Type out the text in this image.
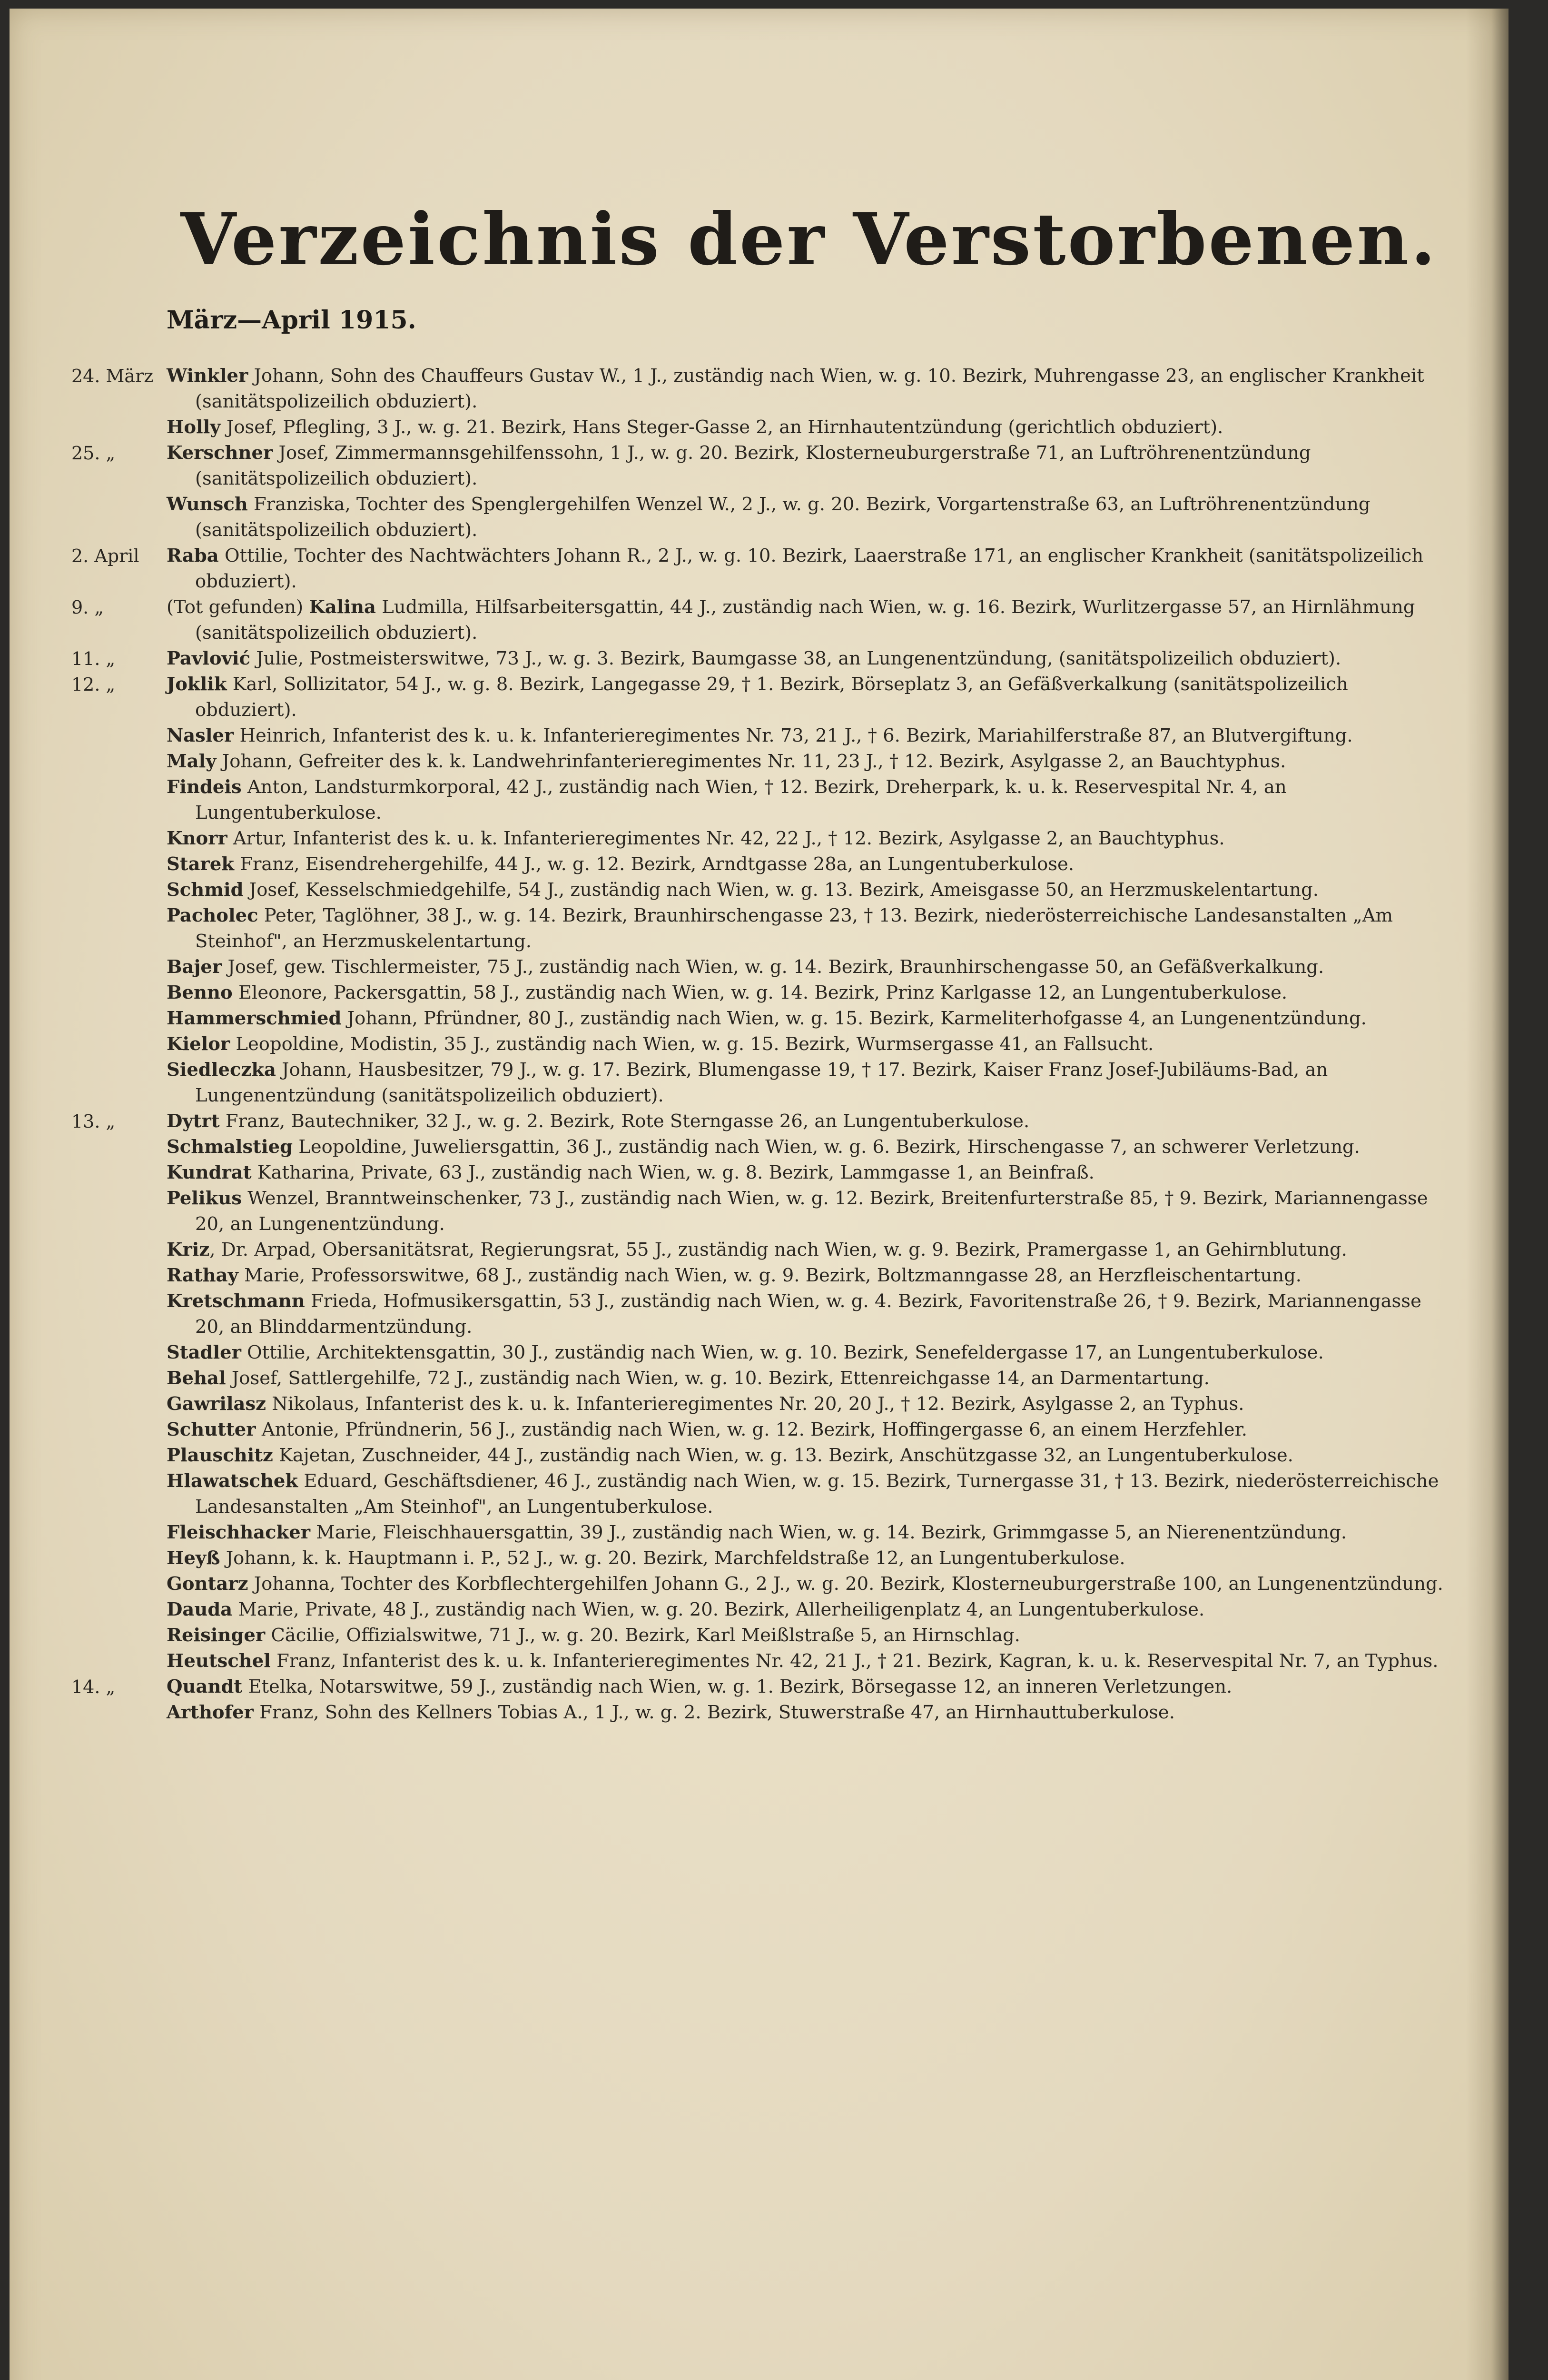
Verzeichnis der Verstorbenen.
März—April 1915.
24. März Winkler Johann, Sohn des Chauffeurs Gustav W., 1 J., zuständig nach Wien, w. g. 10. Bezirk, Muhrengasse 23, an englischer Krankheit (sanitätspolizeilich obduziert).
Holly Josef, Pflegling, 3 J., w. g. 21. Bezirk, Hans Steger-Gasse 2, an Hirnhautentzündung (gerichtlich obduziert).
25. „	Kerschner Josef, Zimmermannsgehilfenssohn, 1 J., w. g. 20. Bezirk, Klosterneuburgerstraße 71, an Luftröhrenentzündung (sanitätspolizeilich obduziert).
Wunsch Franziska, Tochter des Spenglergehilfen Wenzel W., 2 J., w. g. 20. Bezirk, Vorgartenstraße 63, an Luftröhrenentzündung (sanitätspolizeilich obduziert).
2. April	Raba Ottilie, Tochter des Nachtwächters Johann R., 2 J., w. g. 10. Bezirk, Laaerstraße 171, an englischer Krankheit (sanitätspolizeilich obduziert).
9. „	(Tot gefunden) Kalina Ludmilla, Hilfsarbeitersgattin, 44 J., zuständig nach Wien, w. g. 16. Bezirk, Wurlitzergasse 57, an Hirnlähmung (sanitätspolizeilich obduziert).
11. „	Pavlović Julie, Postmeisterswitwe, 73 J., w. g. 3. Bezirk, Baumgasse 38, an Lungenentzündung, (sanitätspolizeilich obduziert).
12. „	Joklik Karl, Sollizitator, 54 J., w. g. 8. Bezirk, Langegasse 29, † 1. Bezirk, Börseplatz 3, an Gefäßverkalkung (sanitätspolizeilich obduziert).
Nasler Heinrich, Infanterist des k. u. k. Infanterieregimentes Nr. 73, 21 J., † 6. Bezirk, Mariahilferstraße 87, an Blutvergiftung.
Maly Johann, Gefreiter des k. k. Landwehrinfanterieregimentes Nr. 11, 23 J., † 12. Bezirk, Asylgasse 2, an Bauchtyphus.
Findeis Anton, Landsturmkorporal, 42 J., zuständig nach Wien, † 12. Bezirk, Dreherpark, k. u. k. Reservespital Nr. 4, an Lungentuberkulose.
Knorr Artur, Infanterist des k. u. k. Infanterieregimentes Nr. 42, 22 J., † 12. Bezirk, Asylgasse 2, an Bauchtyphus.
Starek Franz, Eisendrehergehilfe, 44 J., w. g. 12. Bezirk, Arndtgasse 28a, an Lungentuberkulose.
Schmid Josef, Kesselschmiedgehilfe, 54 J., zuständig nach Wien, w. g. 13. Bezirk, Ameisgasse 50, an Herzmuskelentartung.
Pacholec Peter, Taglöhner, 38 J., w. g. 14. Bezirk, Braunhirschengasse 23, † 13. Bezirk, niederösterreichische Landesanstalten „Am Steinhof", an Herzmuskelentartung.
Bajer Josef, gew. Tischlermeister, 75 J., zuständig nach Wien, w. g. 14. Bezirk, Braunhirschengasse 50, an Gefäßverkalkung.
Benno Eleonore, Packersgattin, 58 J., zuständig nach Wien, w. g. 14. Bezirk, Prinz Karlgasse 12, an Lungentuberkulose.
Hammerschmied Johann, Pfründner, 80 J., zuständig nach Wien, w. g. 15. Bezirk, Karmeliterhofgasse 4, an Lungenentzündung.
Kielor Leopoldine, Modistin, 35 J., zuständig nach Wien, w. g. 15. Bezirk, Wurmsergasse 41, an Fallsucht.
Siedleczka Johann, Hausbesitzer, 79 J., w. g. 17. Bezirk, Blumengasse 19, † 17. Bezirk, Kaiser Franz Josef-Jubiläums-Bad, an Lungenentzündung (sanitätspolizeilich obduziert).
13. „	Dytrt Franz, Bautechniker, 32 J., w. g. 2. Bezirk, Rote Sterngasse 26, an Lungentuberkulose.
Schmalstieg Leopoldine, Juweliersgattin, 36 J., zuständig nach Wien, w. g. 6. Bezirk, Hirschengasse 7, an schwerer Verletzung.
Kundrat Katharina, Private, 63 J., zuständig nach Wien, w. g. 8. Bezirk, Lammgasse 1, an Beinfraß.
Pelikus Wenzel, Branntweinschenker, 73 J., zuständig nach Wien, w. g. 12. Bezirk, Breitenfurterstraße 85, † 9. Bezirk, Mariannengasse 20, an Lungenentzündung.
Kriz, Dr. Arpad, Obersanitätsrat, Regierungsrat, 55 J., zuständig nach Wien, w. g. 9. Bezirk, Pramergasse 1, an Gehirnblutung.
Rathay Marie, Professorswitwe, 68 J., zuständig nach Wien, w. g. 9. Bezirk, Boltzmanngasse 28, an Herzfleischentartung.
Kretschmann Frieda, Hofmusikersgattin, 53 J., zuständig nach Wien, w. g. 4. Bezirk, Favoritenstraße 26, † 9. Bezirk, Mariannengasse 20, an Blinddarmentzündung.
Stadler Ottilie, Architektensgattin, 30 J., zuständig nach Wien, w. g. 10. Bezirk, Senefeldergasse 17, an Lungentuberkulose.
Behal Josef, Sattlergehilfe, 72 J., zuständig nach Wien, w. g. 10. Bezirk, Ettenreichgasse 14, an Darmentartung.
Gawrilasz Nikolaus, Infanterist des k. u. k. Infanterieregimentes Nr. 20, 20 J., † 12. Bezirk, Asylgasse 2, an Typhus.
Schutter Antonie, Pfründnerin, 56 J., zuständig nach Wien, w. g. 12. Bezirk, Hoffingergasse 6, an einem Herzfehler.
Plauschitz Kajetan, Zuschneider, 44 J., zuständig nach Wien, w. g. 13. Bezirk, Anschützgasse 32, an Lungentuberkulose.
Hlawatschek Eduard, Geschäftsdiener, 46 J., zuständig nach Wien, w. g. 15. Bezirk, Turnergasse 31, † 13. Bezirk, niederösterreichische Landesanstalten „Am Steinhof", an Lungentuberkulose.
Fleischhacker Marie, Fleischhauersgattin, 39 J., zuständig nach Wien, w. g. 14. Bezirk, Grimmgasse 5, an Nierenentzündung.
Heyß Johann, k. k. Hauptmann i. P., 52 J., w. g. 20. Bezirk, Marchfeldstraße 12, an Lungentuberkulose.
Gontarz Johanna, Tochter des Korbflechtergehilfen Johann G., 2 J., w. g. 20. Bezirk, Klosterneuburgerstraße 100, an Lungenentzündung.
Dauda Marie, Private, 48 J., zuständig nach Wien, w. g. 20. Bezirk, Allerheiligenplatz 4, an Lungentuberkulose.
Reisinger Cäcilie, Offizialswitwe, 71 J., w. g. 20. Bezirk, Karl Meißlstraße 5, an Hirnschlag.
Heutschel Franz, Infanterist des k. u. k. Infanterieregimentes Nr. 42, 21 J., † 21. Bezirk, Kagran, k. u. k. Reservespital Nr. 7, an Typhus.
14. „	Quandt Etelka, Notarswitwe, 59 J., zuständig nach Wien, w. g. 1. Bezirk, Börsegasse 12, an inneren Verletzungen.
Arthofer Franz, Sohn des Kellners Tobias A., 1 J., w. g. 2. Bezirk, Stuwerstraße 47, an Hirnhauttuberkulose.
